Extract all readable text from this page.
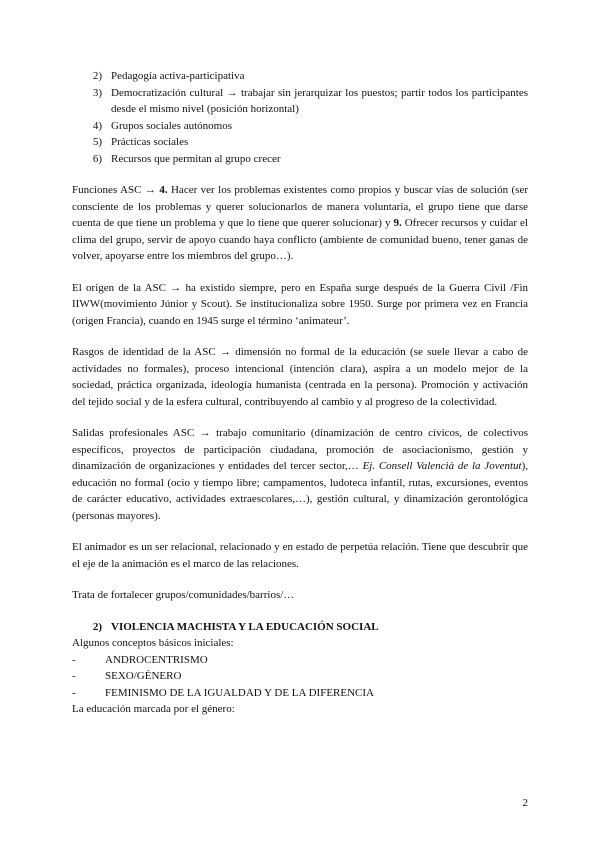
2) Pedagogía activa-participativa
3) Democratización cultural → trabajar sin jerarquizar los puestos; partir todos los participantes desde el mismo nivel (posición horizontal)
4) Grupos sociales autónomos
5) Prácticas sociales
6) Recursos que permitan al grupo crecer

Funciones ASC → 4. Hacer ver los problemas existentes como propios y buscar vías de solución (ser consciente de los problemas y querer solucionarlos de manera voluntaria, el grupo tiene que darse cuenta de que tiene un problema y que lo tiene que querer solucionar) y 9. Ofrecer recursos y cuidar el clima del grupo, servir de apoyo cuando haya conflicto (ambiente de comunidad bueno, tener ganas de volver, apoyarse entre los miembros del grupo…).

El origen de la ASC → ha existido siempre, pero en España surge después de la Guerra Civil /Fin IIWW(movimiento Júnior y Scout). Se institucionaliza sobre 1950. Surge por primera vez en Francia (origen Francia), cuando en 1945 surge el término ‘animateur’.

Rasgos de identidad de la ASC → dimensión no formal de la educación (se suele llevar a cabo de actividades no formales), proceso intencional (intención clara), aspira a un modelo mejor de la sociedad, práctica organizada, ideología humanista (centrada en la persona). Promoción y activación del tejido social y de la esfera cultural, contribuyendo al cambio y al progreso de la colectividad.

Salidas profesionales ASC → trabajo comunitario (dinamización de centro cívicos, de colectivos específicos, proyectos de participación ciudadana, promoción de asociacionismo, gestión y dinamización de organizaciones y entidades del tercer sector,… Ej. Consell Valencià de la Joventut), educación no formal (ocio y tiempo libre; campamentos, ludoteca infantil, rutas, excursiones, eventos de carácter educativo, actividades extraescolares,…), gestión cultural, y dinamización gerontológica (personas mayores).

El animador es un ser relacional, relacionado y en estado de perpetúa relación. Tiene que descubrir que el eje de la animación es el marco de las relaciones.

Trata de fortalecer grupos/comunidades/barrios/…

2) VIOLENCIA MACHISTA Y LA EDUCACIÓN SOCIAL

Algunos conceptos básicos iniciales:

-	ANDROCENTRISMO
-	SEXO/GÉNERO
-	FEMINISMO DE LA IGUALDAD Y DE LA DIFERENCIA

La educación marcada por el género:

2
